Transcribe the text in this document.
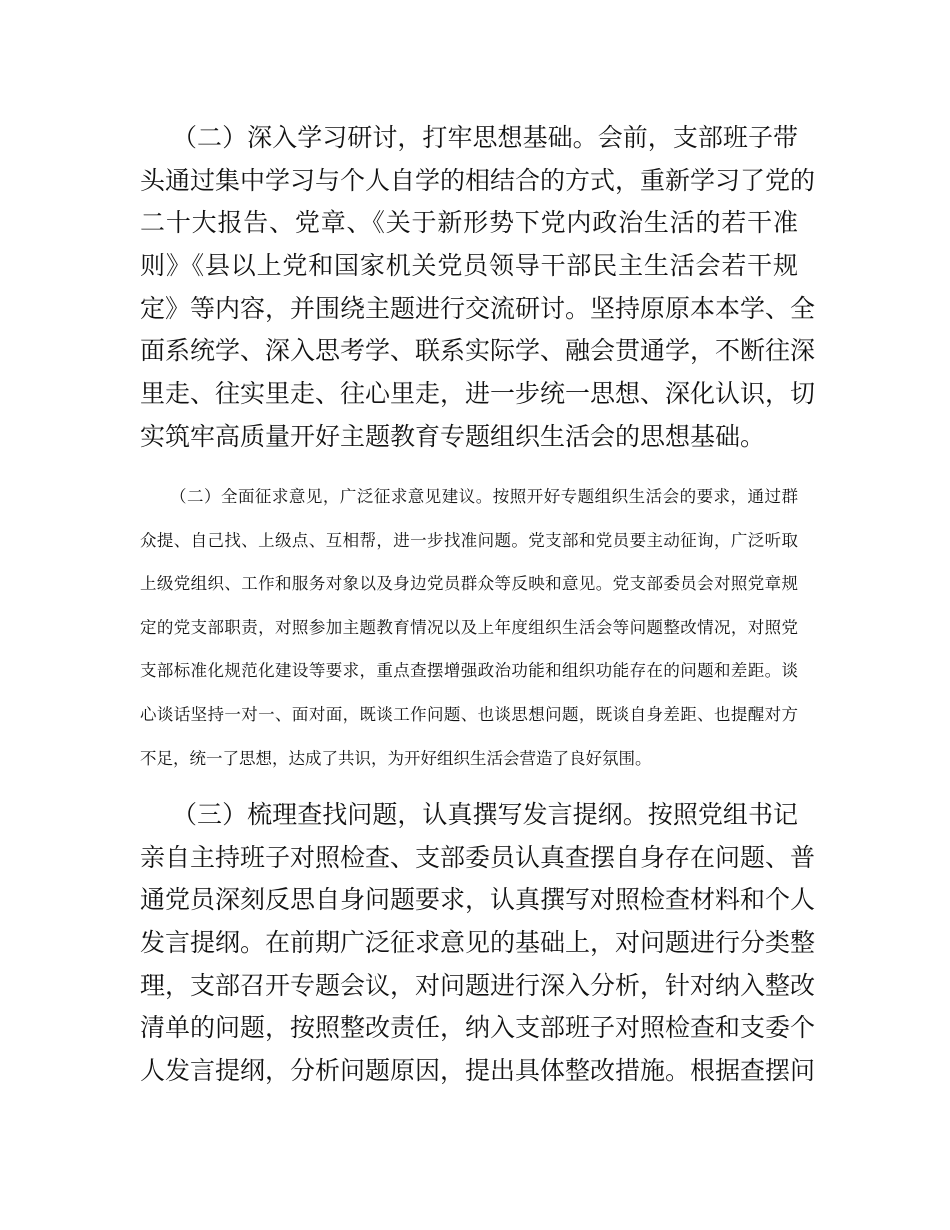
（二）深入学习研讨，打牢思想基础。会前，支部班子带
头通过集中学习与个人自学的相结合的方式，重新学习了党的
二十大报告、党章、《关于新形势下党内政治生活的若干准
则》《县以上党和国家机关党员领导干部民主生活会若干规
定》等内容，并围绕主题进行交流研讨。坚持原原本本学、全
面系统学、深入思考学、联系实际学、融会贯通学，不断往深
里走、往实里走、往心里走，进一步统一思想、深化认识，切
实筑牢高质量开好主题教育专题组织生活会的思想基础。
（二）全面征求意见，广泛征求意见建议。按照开好专题组织生活会的要求，通过群
众提、自己找、上级点、互相帮，进一步找准问题。党支部和党员要主动征询，广泛听取
上级党组织、工作和服务对象以及身边党员群众等反映和意见。党支部委员会对照党章规
定的党支部职责，对照参加主题教育情况以及上年度组织生活会等问题整改情况，对照党
支部标准化规范化建设等要求，重点查摆增强政治功能和组织功能存在的问题和差距。谈
心谈话坚持一对一、面对面，既谈工作问题、也谈思想问题，既谈自身差距、也提醒对方
不足，统一了思想，达成了共识，为开好组织生活会营造了良好氛围。
（三）梳理查找问题，认真撰写发言提纲。按照党组书记
亲自主持班子对照检查、支部委员认真查摆自身存在问题、普
通党员深刻反思自身问题要求，认真撰写对照检查材料和个人
发言提纲。在前期广泛征求意见的基础上，对问题进行分类整
理，支部召开专题会议，对问题进行深入分析，针对纳入整改
清单的问题，按照整改责任，纳入支部班子对照检查和支委个
人发言提纲，分析问题原因，提出具体整改措施。根据查摆问
